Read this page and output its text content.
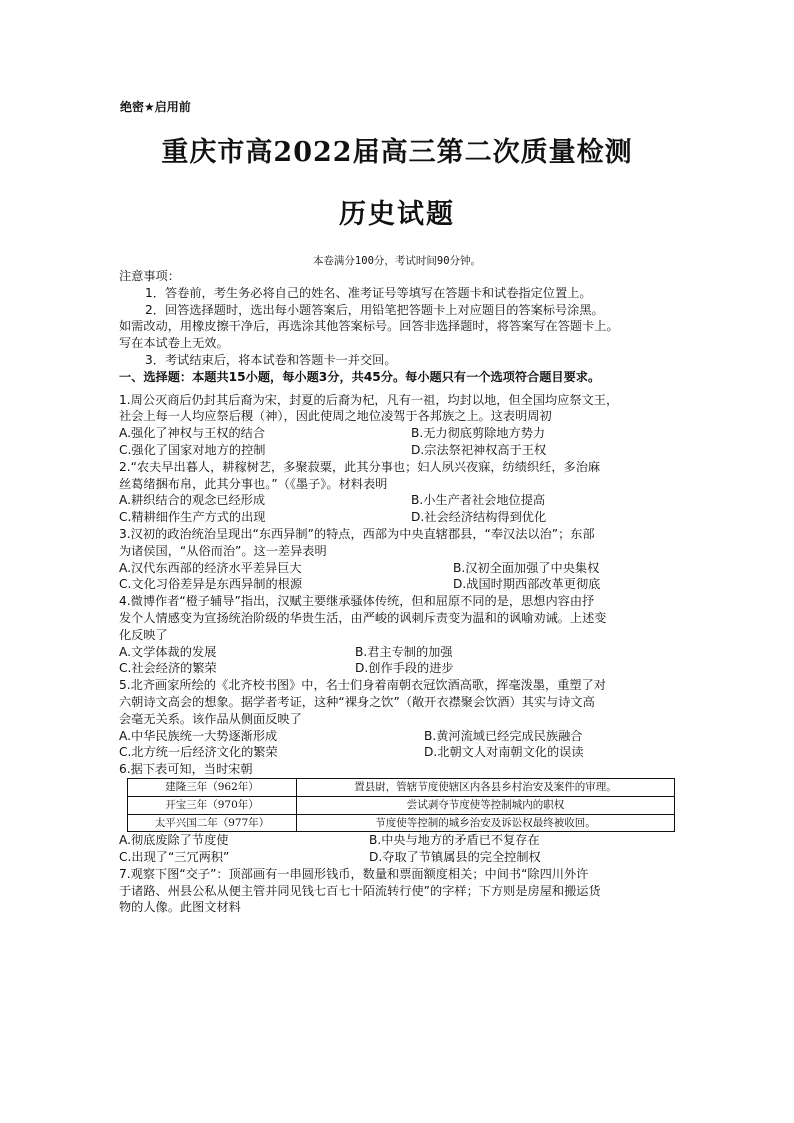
绝密★启用前
重庆市高2022届高三第二次质量检测
历史试题
本卷满分100分，考试时间90分钟。
注意事项：
1．答卷前，考生务必将自己的姓名、准考证号等填写在答题卡和试卷指定位置上。
2．回答选择题时，选出每小题答案后，用铅笔把答题卡上对应题目的答案标号涂黑。
如需改动，用橡皮擦干净后，再选涂其他答案标号。回答非选择题时，将答案写在答题卡上。
写在本试卷上无效。
3．考试结束后，将本试卷和答题卡一并交回。
一、选择题：本题共15小题，每小题3分，共45分。每小题只有一个选项符合题目要求。
1.周公灭商后仍封其后裔为宋，封夏的后裔为杞，凡有一祖，均封以地，但全国均应祭文王，
社会上每一人均应祭后稷（神），因此使周之地位凌驾于各邦族之上。这表明周初
A.强化了神权与王权的结合	B.无力彻底剪除地方势力
C.强化了国家对地方的控制	D.宗法祭祀神权高于王权
2.“农夫早出暮人，耕稼树艺，多聚菽粟，此其分事也；妇人夙兴夜寐，纺绩织纴，多治麻
丝葛绪捆布帛，此其分事也。”（《墨子》。材料表明
A.耕织结合的观念已经形成	B.小生产者社会地位提高
C.精耕细作生产方式的出现	D.社会经济结构得到优化
3.汉初的政治统治呈现出“东西异制”的特点，西部为中央直辖郡县，“奉汉法以治”；东部
为诸侯国，“从俗而治”。这一差异表明
A.汉代东西部的经济水平差异巨大	B.汉初全面加强了中央集权
C.文化习俗差异是东西异制的根源	D.战国时期西部改革更彻底
4.微博作者“橙子辅导”指出，汉赋主要继承骚体传统，但和屈原不同的是，思想内容由抒
发个人情感变为宣扬统治阶级的华贵生活，由严峻的讽刺斥责变为温和的讽喻劝诫。上述变
化反映了
A.文学体裁的发展	B.君主专制的加强
C.社会经济的繁荣	D.创作手段的进步
5.北齐画家所绘的《北齐校书图》中，名士们身着南朝衣冠饮酒高歌，挥毫泼墨，重塑了对
六朝诗文高会的想象。据学者考证，这种“裸身之饮”（敞开衣襟聚会饮酒）其实与诗文高
会毫无关系。该作品从侧面反映了
A.中华民族统一大势逐渐形成	B.黄河流域已经完成民族融合
C.北方统一后经济文化的繁荣	D.北朝文人对南朝文化的误读
6.据下表可知，当时宋朝
建隆三年（962年）	置县尉，管辖节度使辖区内各县乡村治安及案件的审理。
开宝三年（970年）	尝试剥夺节度使等控制城内的职权
太平兴国二年（977年）	节度使等控制的城乡治安及诉讼权最终被收回。
A.彻底废除了节度使	B.中央与地方的矛盾已不复存在
C.出现了“三冗两积”	D.夺取了节镇属县的完全控制权
7.观察下图“交子”：顶部画有一串圆形钱币，数量和票面额度相关；中间书“除四川外许
于诸路、州县公私从便主管并同见钱七百七十陌流转行使”的字样；下方则是房屋和搬运货
物的人像。此图文材料
